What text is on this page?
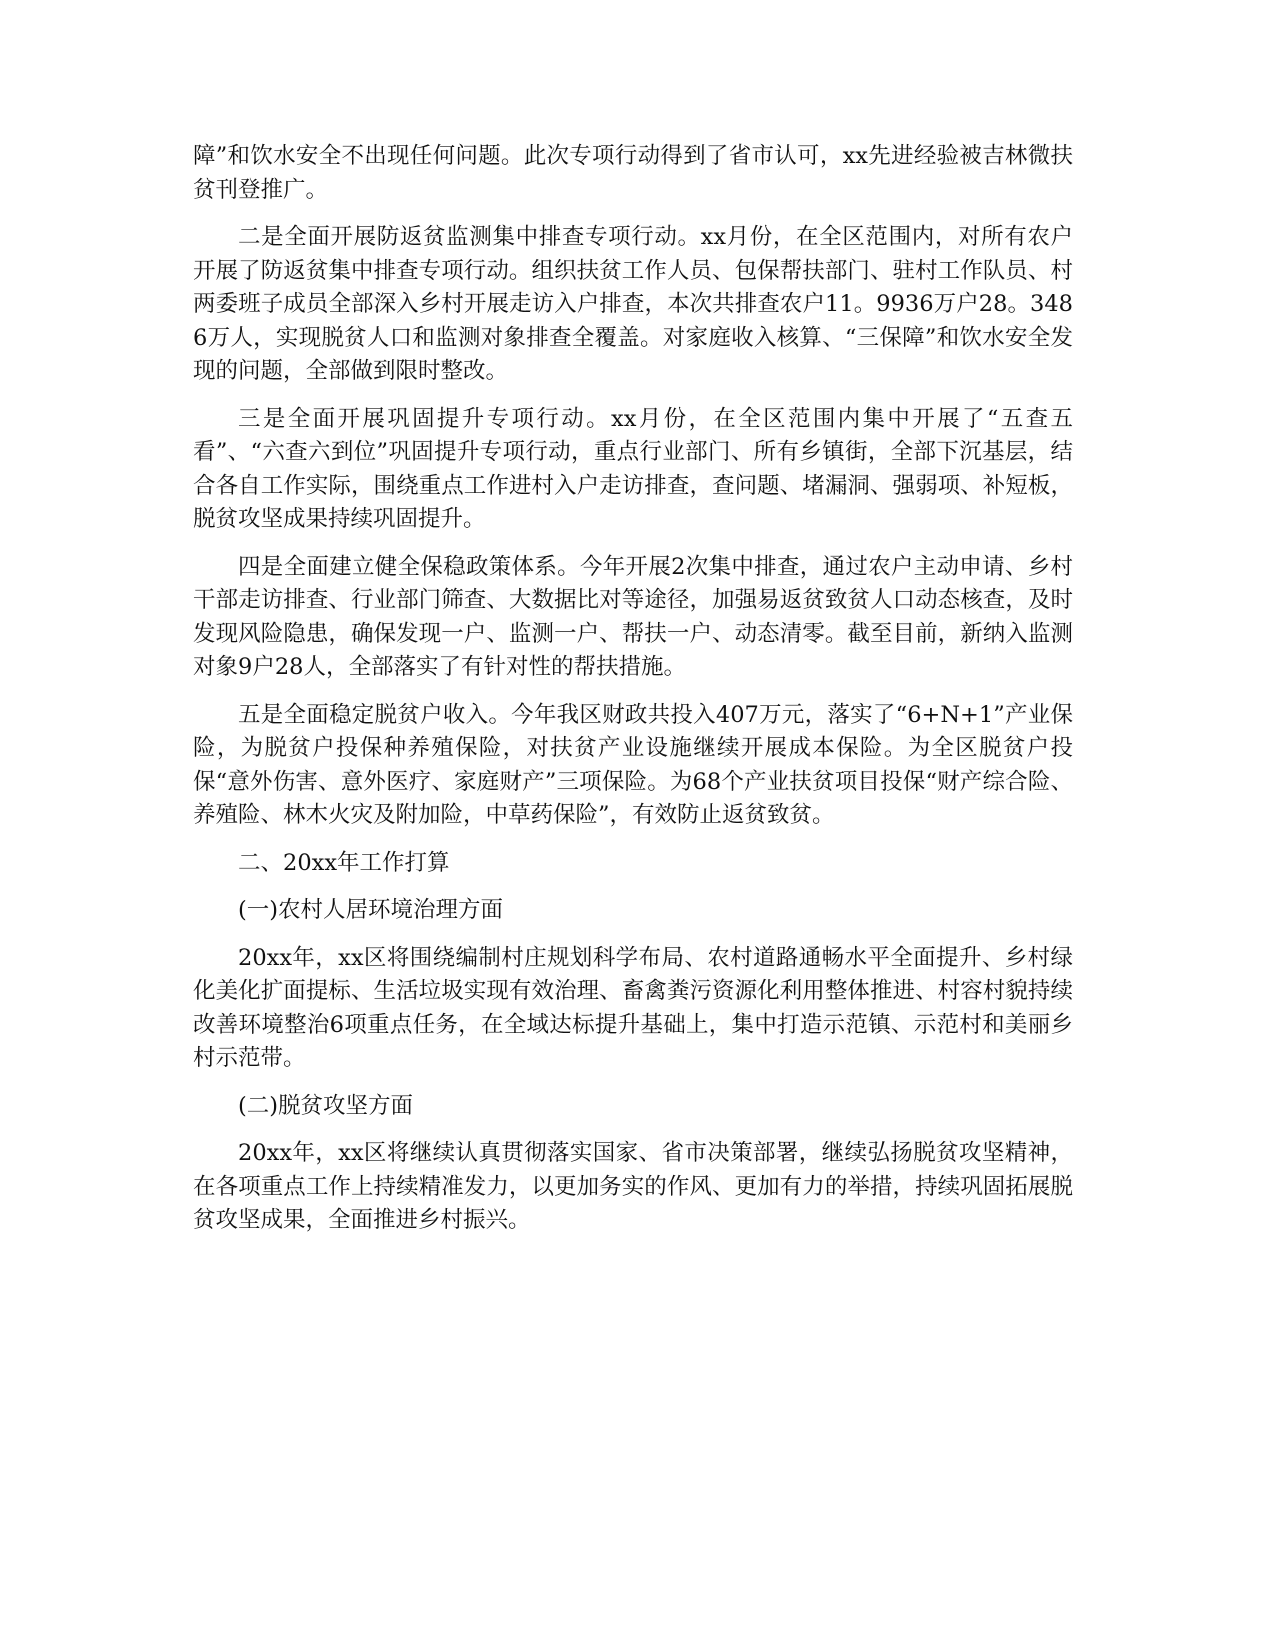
障”和饮水安全不出现任何问题。此次专项行动得到了省市认可，xx先进经验被吉林微扶贫刊登推广。

二是全面开展防返贫监测集中排查专项行动。xx月份，在全区范围内，对所有农户开展了防返贫集中排查专项行动。组织扶贫工作人员、包保帮扶部门、驻村工作队员、村两委班子成员全部深入乡村开展走访入户排查，本次共排查农户11。9936万户28。3486万人，实现脱贫人口和监测对象排查全覆盖。对家庭收入核算、“三保障”和饮水安全发现的问题，全部做到限时整改。

三是全面开展巩固提升专项行动。xx月份，在全区范围内集中开展了“五查五看”、“六查六到位”巩固提升专项行动，重点行业部门、所有乡镇街，全部下沉基层，结合各自工作实际，围绕重点工作进村入户走访排查，查问题、堵漏洞、强弱项、补短板，脱贫攻坚成果持续巩固提升。

四是全面建立健全保稳政策体系。今年开展2次集中排查，通过农户主动申请、乡村干部走访排查、行业部门筛查、大数据比对等途径，加强易返贫致贫人口动态核查，及时发现风险隐患，确保发现一户、监测一户、帮扶一户、动态清零。截至目前，新纳入监测对象9户28人，全部落实了有针对性的帮扶措施。

五是全面稳定脱贫户收入。今年我区财政共投入407万元，落实了“6+N+1”产业保险，为脱贫户投保种养殖保险，对扶贫产业设施继续开展成本保险。为全区脱贫户投保“意外伤害、意外医疗、家庭财产”三项保险。为68个产业扶贫项目投保“财产综合险、养殖险、林木火灾及附加险，中草药保险”，有效防止返贫致贫。

二、20xx年工作打算

(一)农村人居环境治理方面

20xx年，xx区将围绕编制村庄规划科学布局、农村道路通畅水平全面提升、乡村绿化美化扩面提标、生活垃圾实现有效治理、畜禽粪污资源化利用整体推进、村容村貌持续改善环境整治6项重点任务，在全域达标提升基础上，集中打造示范镇、示范村和美丽乡村示范带。

(二)脱贫攻坚方面

20xx年，xx区将继续认真贯彻落实国家、省市决策部署，继续弘扬脱贫攻坚精神，在各项重点工作上持续精准发力，以更加务实的作风、更加有力的举措，持续巩固拓展脱贫攻坚成果，全面推进乡村振兴。
